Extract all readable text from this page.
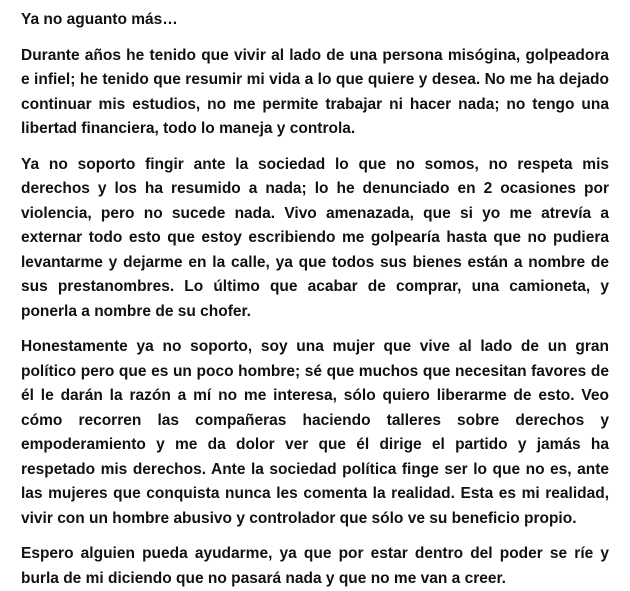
Ya no aguanto más…

Durante años he tenido que vivir al lado de una persona misógina, golpeadora e infiel; he tenido que resumir mi vida a lo que quiere y desea. No me ha dejado continuar mis estudios, no me permite trabajar ni hacer nada; no tengo una libertad financiera, todo lo maneja y controla.

Ya no soporto fingir ante la sociedad lo que no somos, no respeta mis derechos y los ha resumido a nada; lo he denunciado en 2 ocasiones por violencia, pero no sucede nada. Vivo amenazada, que si yo me atrevía a externar todo esto que estoy escribiendo me golpearía hasta que no pudiera levantarme y dejarme en la calle, ya que todos sus bienes están a nombre de sus prestanombres. Lo último que acabar de comprar, una camioneta, y ponerla a nombre de su chofer.

Honestamente ya no soporto, soy una mujer que vive al lado de un gran político pero que es un poco hombre; sé que muchos que necesitan favores de él le darán la razón a mí no me interesa, sólo quiero liberarme de esto. Veo cómo recorren las compañeras haciendo talleres sobre derechos y empoderamiento y me da dolor ver que él dirige el partido y jamás ha respetado mis derechos. Ante la sociedad política finge ser lo que no es, ante las mujeres que conquista nunca les comenta la realidad. Esta es mi realidad, vivir con un hombre abusivo y controlador que sólo ve su beneficio propio.

Espero alguien pueda ayudarme, ya que por estar dentro del poder se ríe y burla de mi diciendo que no pasará nada y que no me van a creer.
